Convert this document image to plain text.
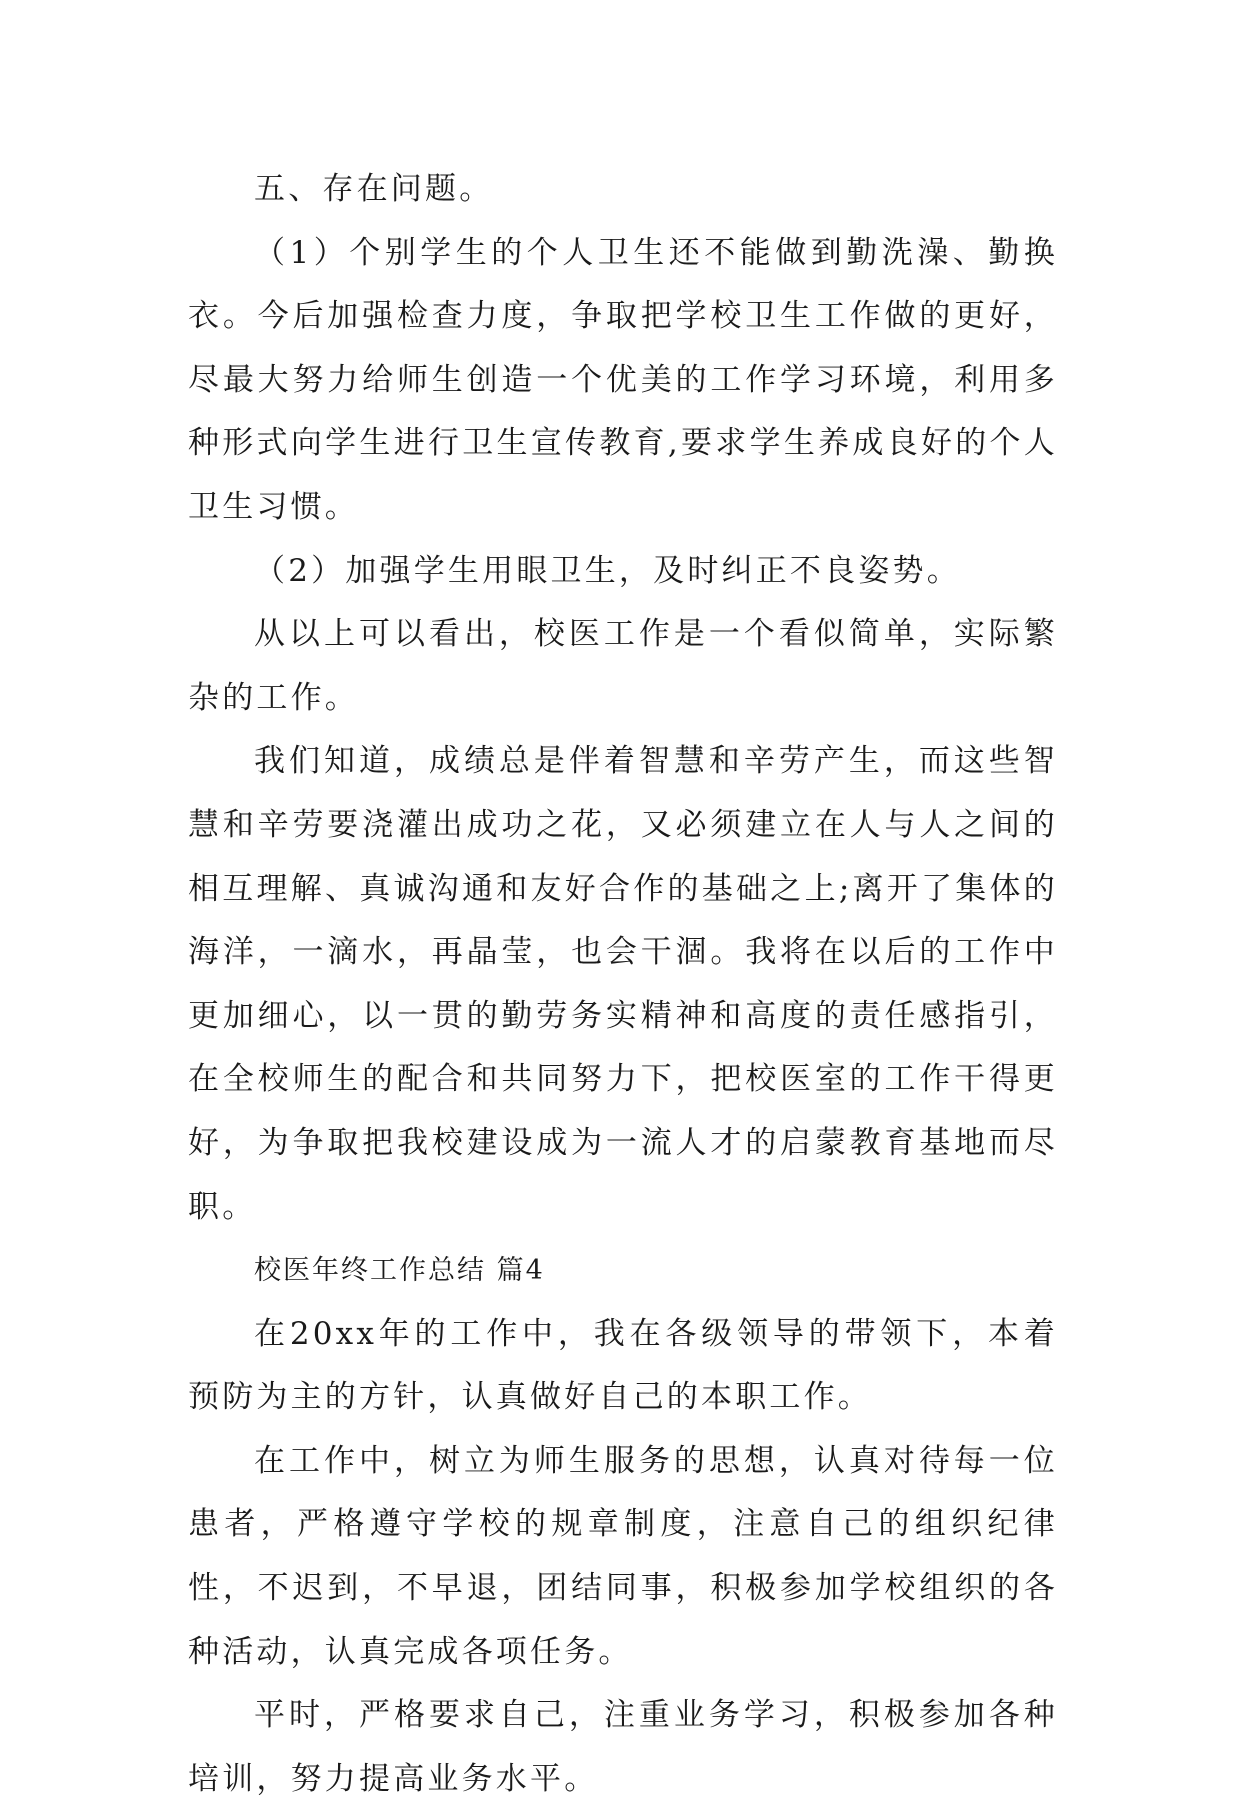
五、存在问题。

（1）个别学生的个人卫生还不能做到勤洗澡、勤换衣。今后加强检查力度，争取把学校卫生工作做的更好，尽最大努力给师生创造一个优美的工作学习环境，利用多种形式向学生进行卫生宣传教育,要求学生养成良好的个人卫生习惯。

（2）加强学生用眼卫生，及时纠正不良姿势。

从以上可以看出，校医工作是一个看似简单，实际繁杂的工作。

我们知道，成绩总是伴着智慧和辛劳产生，而这些智慧和辛劳要浇灌出成功之花，又必须建立在人与人之间的相互理解、真诚沟通和友好合作的基础之上;离开了集体的海洋，一滴水，再晶莹，也会干涸。我将在以后的工作中更加细心，以一贯的勤劳务实精神和高度的责任感指引，在全校师生的配合和共同努力下，把校医室的工作干得更好，为争取把我校建设成为一流人才的启蒙教育基地而尽职。

校医年终工作总结 篇4

在20xx年的工作中，我在各级领导的带领下，本着预防为主的方针，认真做好自己的本职工作。

在工作中，树立为师生服务的思想，认真对待每一位患者，严格遵守学校的规章制度，注意自己的组织纪律性，不迟到，不早退，团结同事，积极参加学校组织的各种活动，认真完成各项任务。

平时，严格要求自己，注重业务学习，积极参加各种培训，努力提高业务水平。
